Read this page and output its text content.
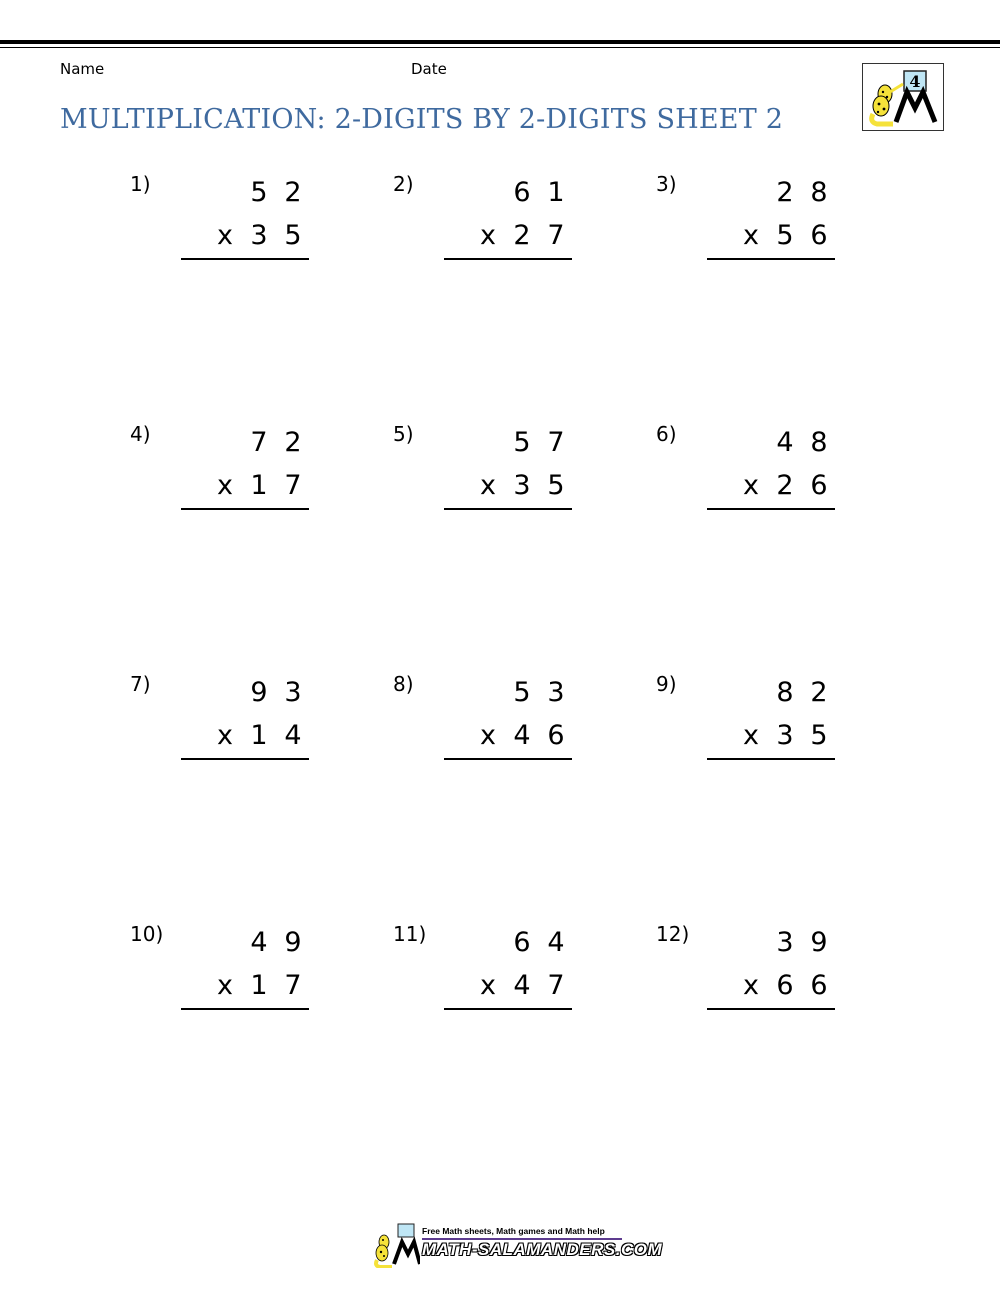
Name	Date
MULTIPLICATION: 2-DIGITS BY 2-DIGITS SHEET 2
4
1)	5 2
x 3 5
2)	6 1
x 2 7
3)	2 8
x 5 6
4)	7 2
x 1 7
5)	5 7
x 3 5
6)	4 8
x 2 6
7)	9 3
x 1 4
8)	5 3
x 4 6
9)	8 2
x 3 5
10)	4 9
x 1 7
11)	6 4
x 4 7
12)	3 9
x 6 6
Free Math sheets, Math games and Math help
MATH-SALAMANDERS.COM
